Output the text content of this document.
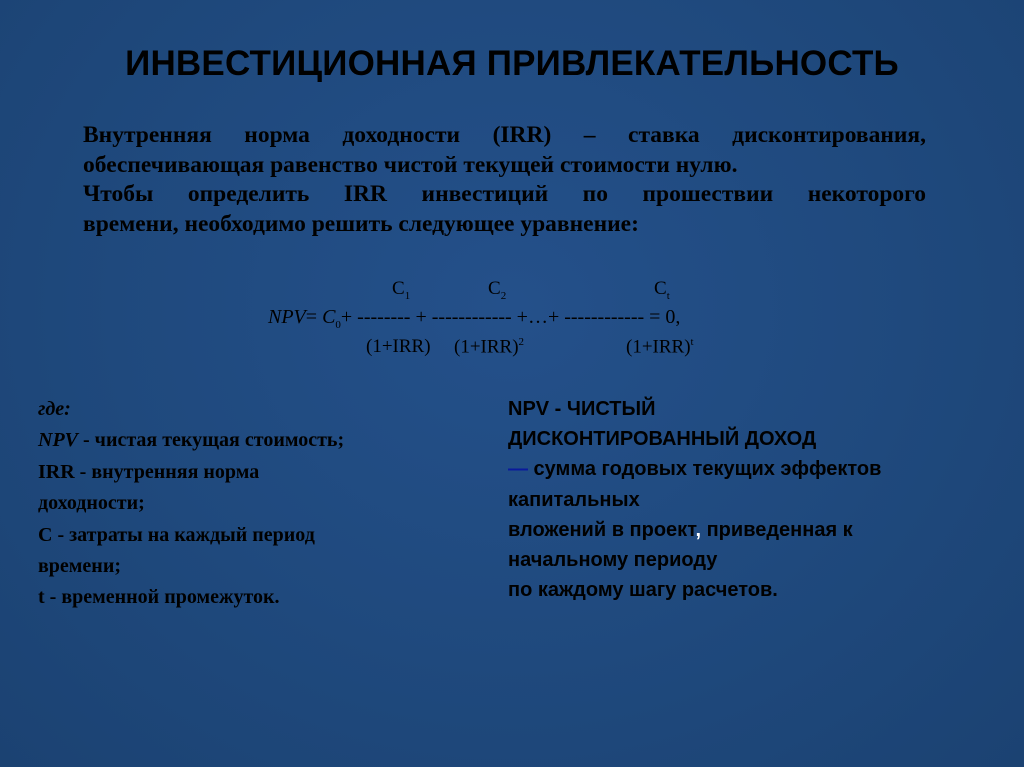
ИНВЕСТИЦИОННАЯ ПРИВЛЕКАТЕЛЬНОСТЬ

Внутренняя норма доходности (IRR) – ставка дисконтирования,

обеспечивающая равенство чистой текущей стоимости нулю.

Чтобы определить IRR инвестиций по прошествии некоторого

времени, необходимо решить следующее уравнение:

$C_1$	$C_2$	$C_t$
$NPV= C_0+$ -------- + ------------ +…+ ------------ = 0,
(1+IRR) $(1+IRR)^2$	$(1+IRR)^t$
где:
NPV - чистая текущая стоимость;
IRR - внутренняя норма
доходности;
С - затраты на каждый период
времени;
t - временной промежуток.
NPV - ЧИСТЫЙ
ДИСКОНТИРОВАННЫЙ ДОХОД
— сумма годовых текущих эффектов
капитальных
вложений в проект, приведенная к
начальному периоду
по каждому шагу расчетов.
